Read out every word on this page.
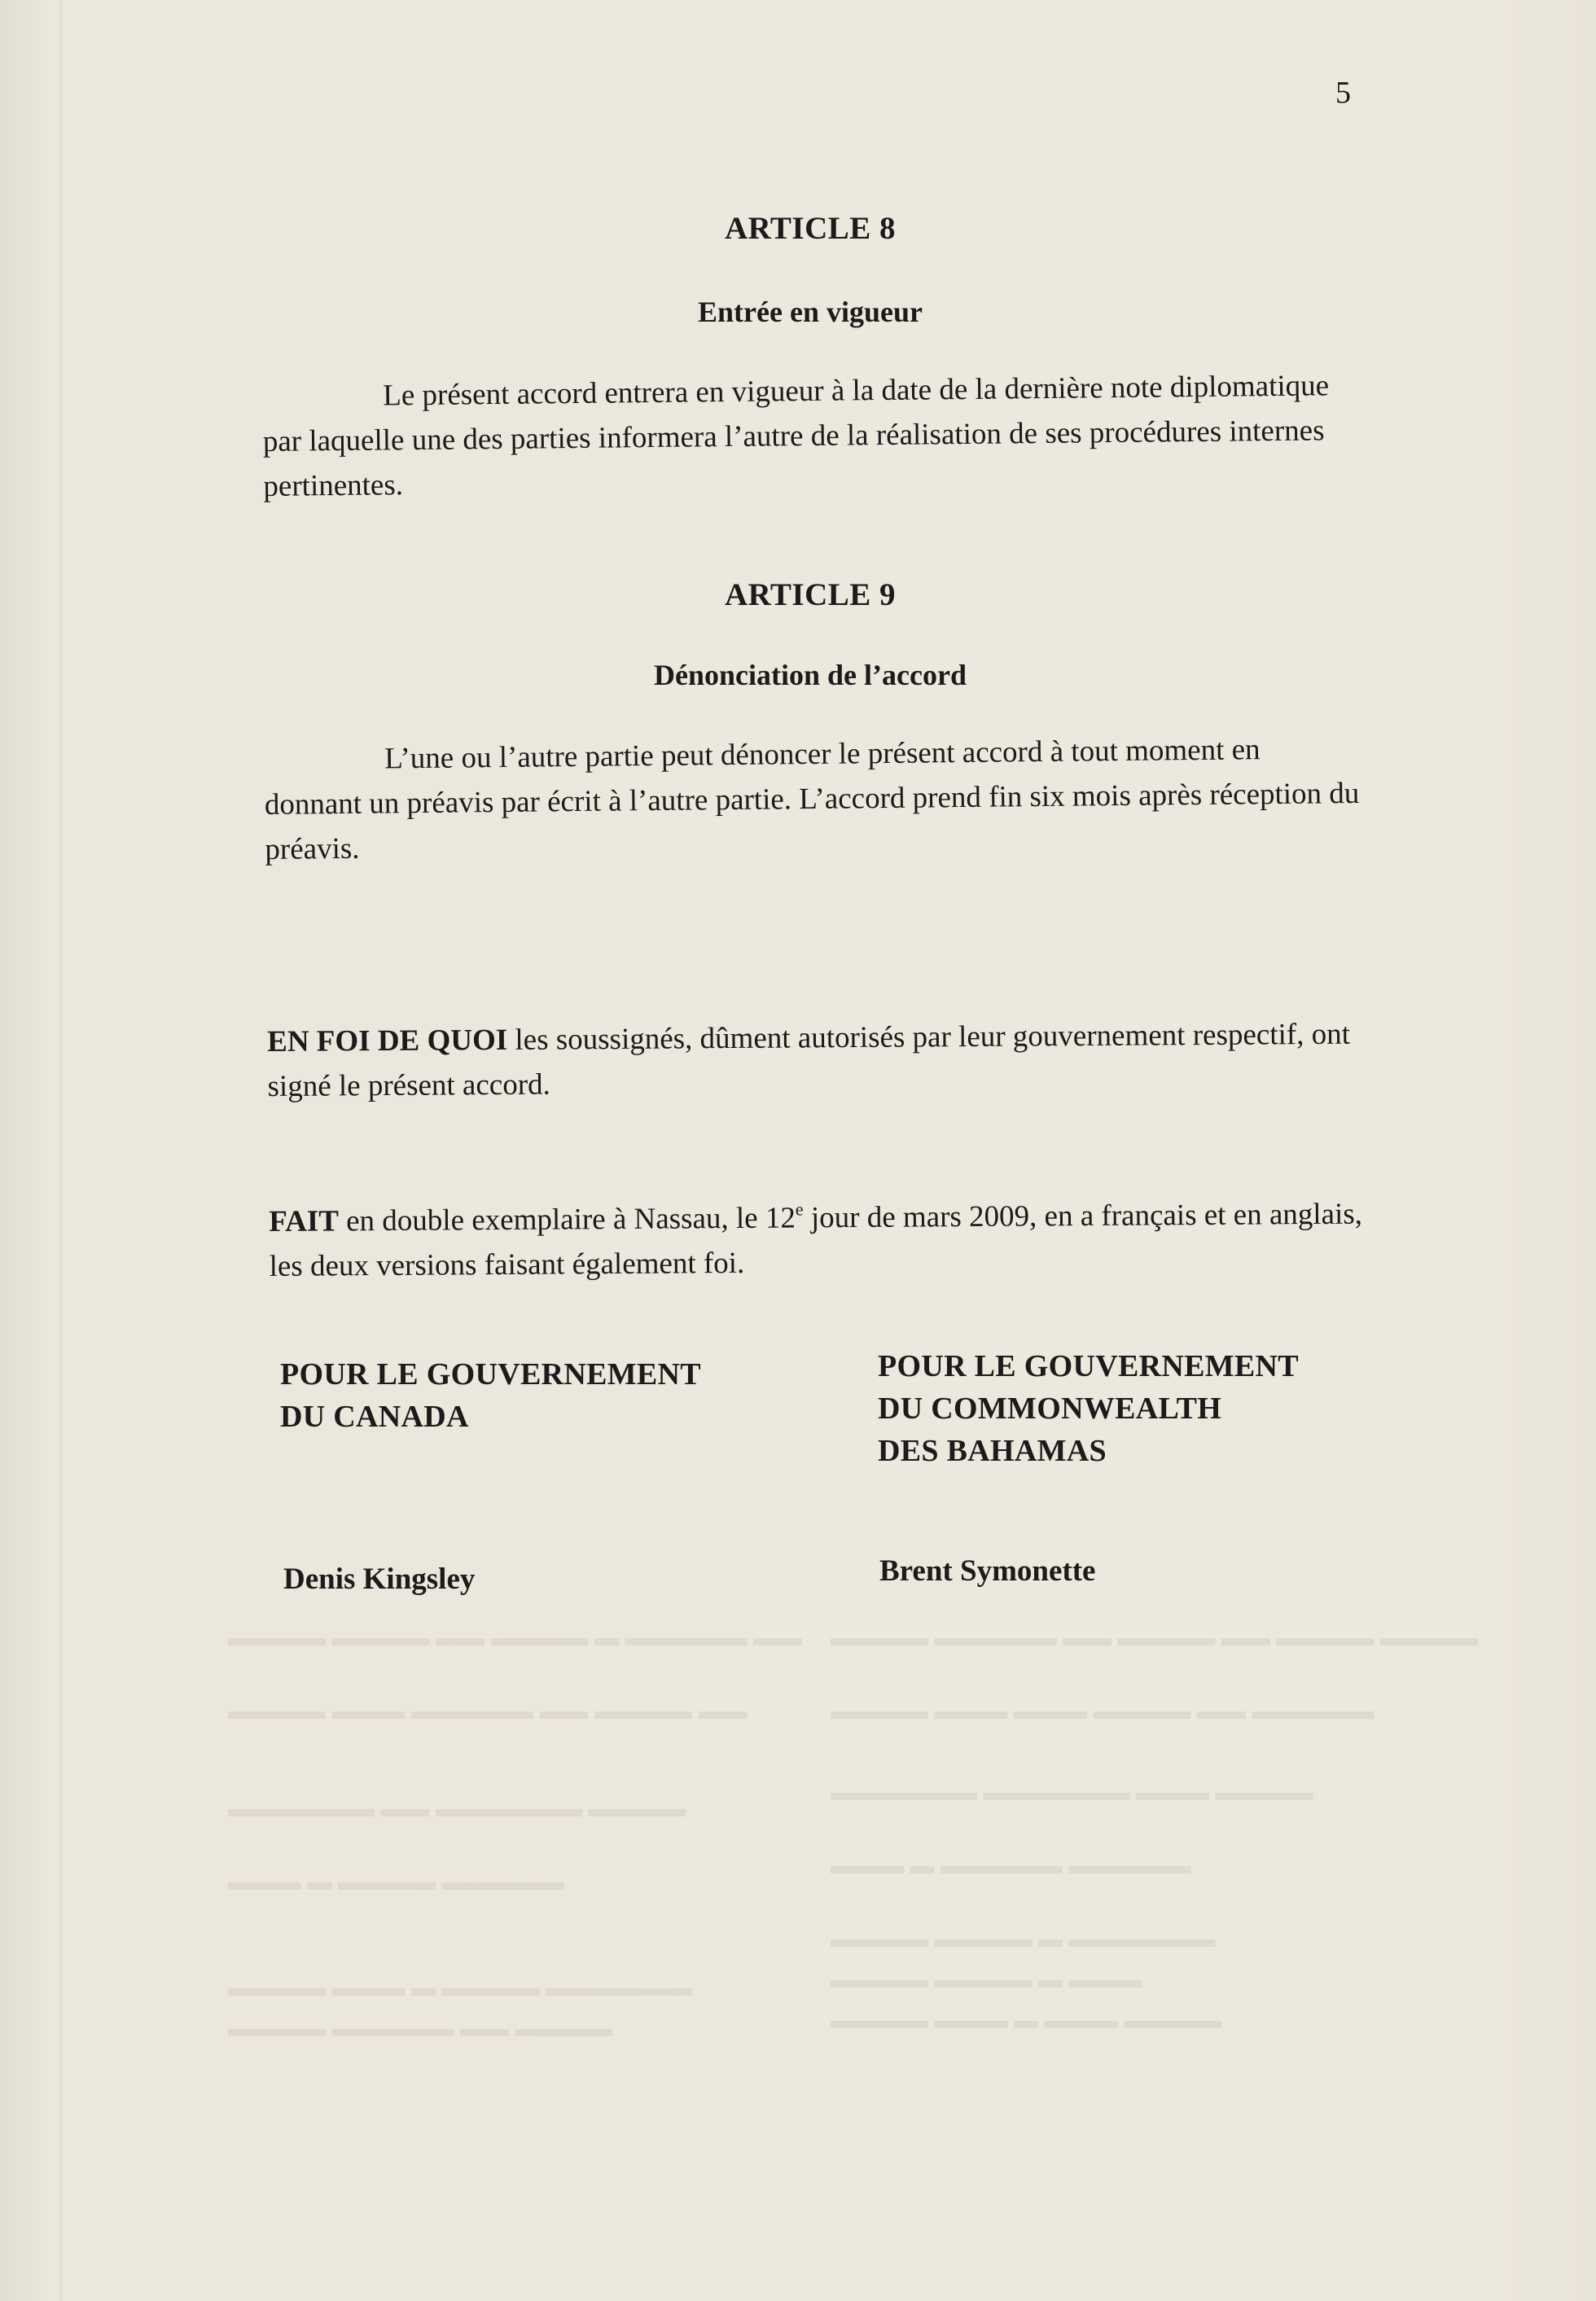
5
ARTICLE 8
Entrée en vigueur

Le présent accord entrera en vigueur à la date de la dernière note diplomatique par laquelle une des parties informera l’autre de la réalisation de ses procédures internes pertinentes.

ARTICLE 9
Dénonciation de l’accord

L’une ou l’autre partie peut dénoncer le présent accord à tout moment en donnant un préavis par écrit à l’autre partie. L’accord prend fin six mois après réception du préavis.

EN FOI DE QUOI les soussignés, dûment autorisés par leur gouvernement respectif, ont signé le présent accord.

FAIT en double exemplaire à Nassau, le 12e jour de mars 2009, en a français et en anglais, les deux versions faisant également foi.

POUR LE GOUVERNEMENT
DU CANADA
POUR LE GOUVERNEMENT
DU COMMONWEALTH
DES BAHAMAS
Denis Kingsley	Brent Symonette
▬▬▬▬ ▬▬▬▬ ▬▬ ▬▬▬▬ ▬▬ ▬▬▬▬▬ ▬▬▬▬
▬▬ ▬▬▬▬▬ ▬ ▬▬▬▬ ▬▬ ▬▬▬▬ ▬▬▬▬
▬▬▬▬▬ ▬▬ ▬▬▬▬ ▬▬▬ ▬▬▬ ▬▬▬▬
▬▬ ▬▬▬▬ ▬▬ ▬▬▬▬▬ ▬▬▬ ▬▬▬▬
▬▬▬▬ ▬▬▬ ▬▬▬▬▬▬ ▬▬▬▬▬▬
▬▬▬▬ ▬▬▬▬▬▬ ▬▬ ▬▬▬▬▬▬
▬▬▬▬▬ ▬▬▬▬▬ ▬ ▬▬▬
▬▬▬▬▬ ▬▬▬▬ ▬ ▬▬▬
▬▬▬▬▬▬ ▬ ▬▬▬▬ ▬▬▬▬
▬▬▬ ▬ ▬▬▬▬ ▬▬▬▬
▬▬▬▬ ▬▬▬ ▬ ▬▬▬ ▬▬▬▬
▬▬▬▬▬▬ ▬▬▬▬ ▬ ▬▬▬ ▬▬▬▬
▬▬▬▬ ▬▬ ▬▬▬▬▬ ▬▬▬▬
